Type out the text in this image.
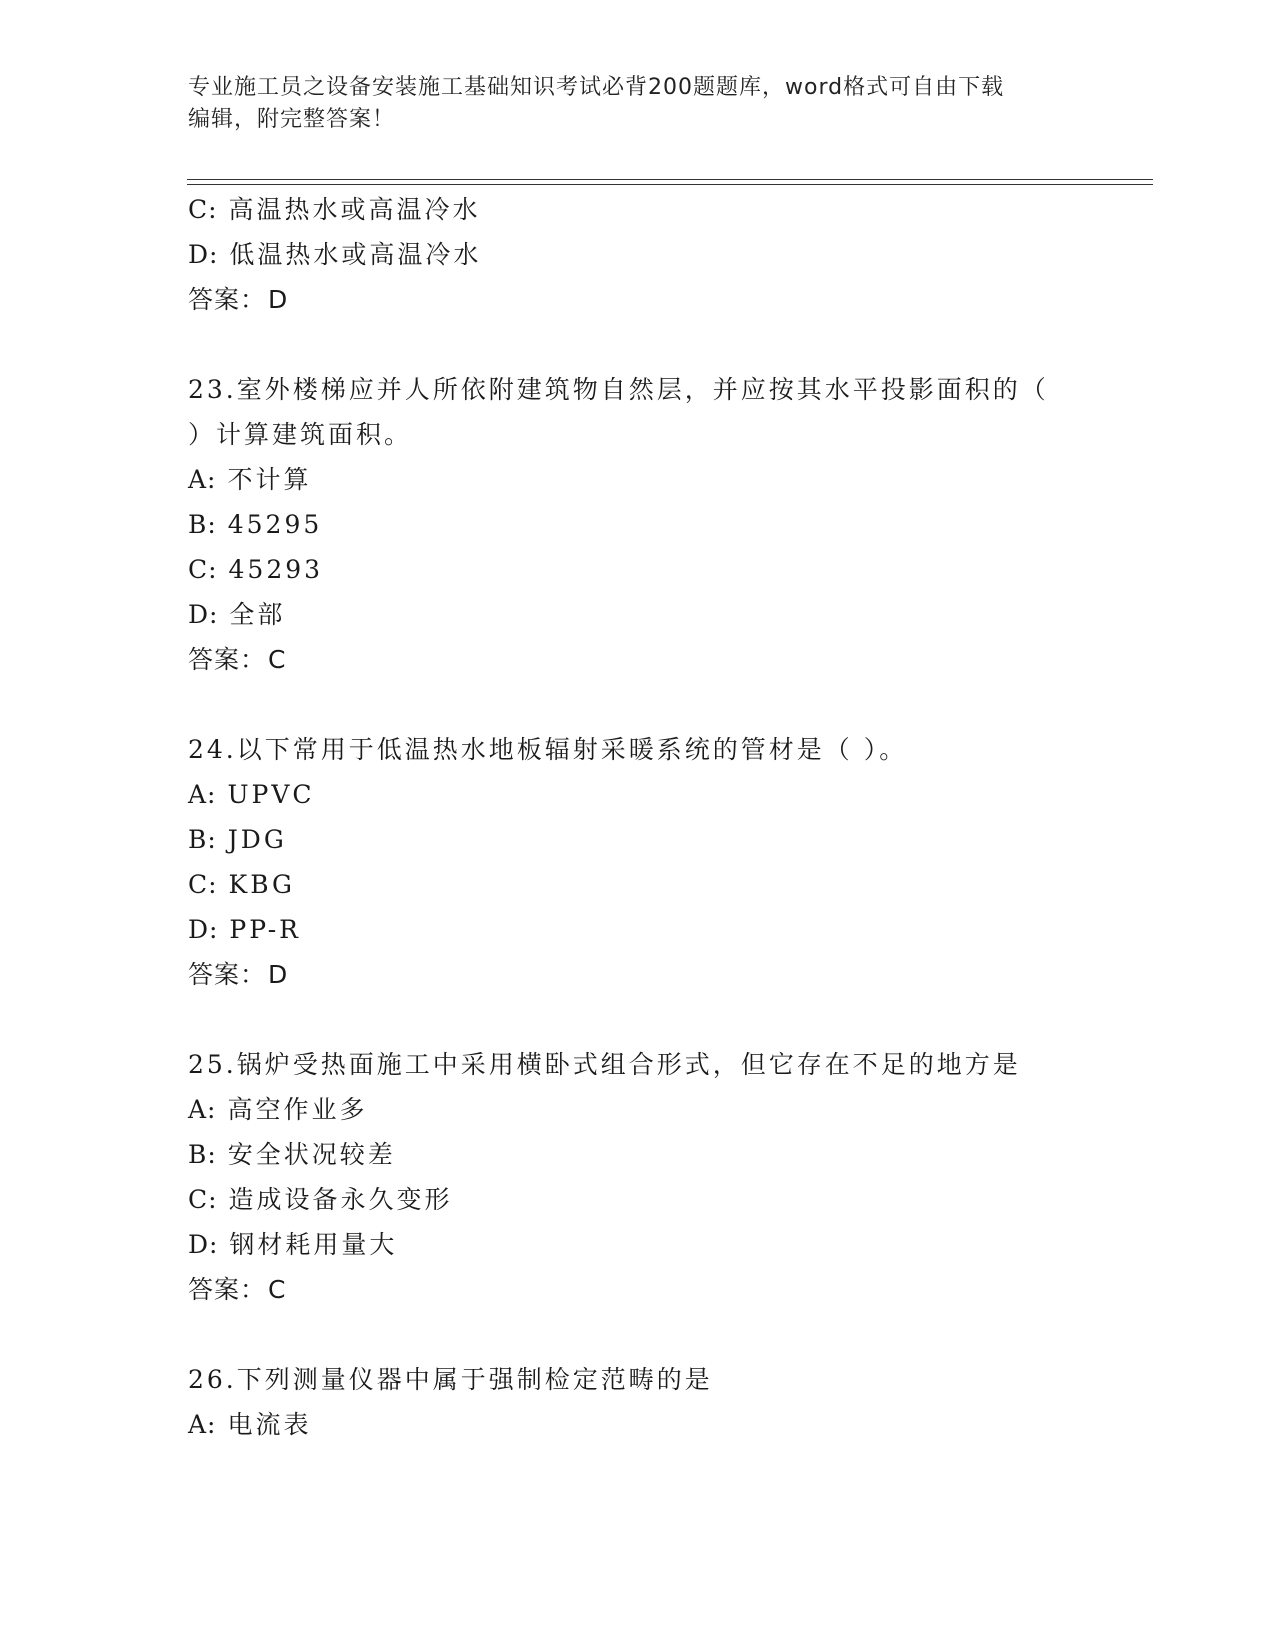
专业施工员之设备安装施工基础知识考试必背200题题库，word格式可自由下载
编辑，附完整答案！
C: 高温热水或高温冷水
D: 低温热水或高温冷水
答案：D
23.室外楼梯应并人所依附建筑物自然层，并应按其水平投影面积的（
）计算建筑面积。
A: 不计算
B: 45295
C: 45293
D: 全部
答案：C
24.以下常用于低温热水地板辐射采暖系统的管材是（ ）。
A: UPVC
B: JDG
C: KBG
D: PP-R
答案：D
25.锅炉受热面施工中采用横卧式组合形式，但它存在不足的地方是
A: 高空作业多
B: 安全状况较差
C: 造成设备永久变形
D: 钢材耗用量大
答案：C
26.下列测量仪器中属于强制检定范畴的是
A: 电流表
